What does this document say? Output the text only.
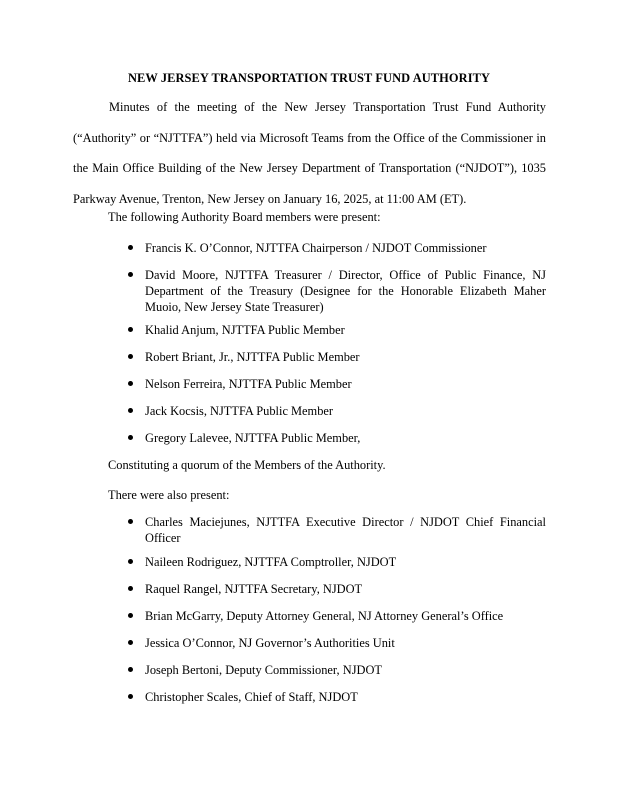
NEW JERSEY TRANSPORTATION TRUST FUND AUTHORITY
Minutes of the meeting of the New Jersey Transportation Trust Fund Authority (“Authority” or “NJTTFA”) held via Microsoft Teams from the Office of the Commissioner in the Main Office Building of the New Jersey Department of Transportation (“NJDOT”), 1035 Parkway Avenue, Trenton, New Jersey on January 16, 2025, at 11:00 AM (ET).
The following Authority Board members were present:
Francis K. O’Connor, NJTTFA Chairperson / NJDOT Commissioner
David Moore, NJTTFA Treasurer / Director, Office of Public Finance, NJ Department of the Treasury (Designee for the Honorable Elizabeth Maher Muoio, New Jersey State Treasurer)
Khalid Anjum, NJTTFA Public Member
Robert Briant, Jr., NJTTFA Public Member
Nelson Ferreira, NJTTFA Public Member
Jack Kocsis, NJTTFA Public Member
Gregory Lalevee, NJTTFA Public Member,
Constituting a quorum of the Members of the Authority.
There were also present:
Charles Maciejunes, NJTTFA Executive Director / NJDOT Chief Financial Officer
Naileen Rodriguez, NJTTFA Comptroller, NJDOT
Raquel Rangel, NJTTFA Secretary, NJDOT
Brian McGarry, Deputy Attorney General, NJ Attorney General’s Office
Jessica O’Connor, NJ Governor’s Authorities Unit
Joseph Bertoni, Deputy Commissioner, NJDOT
Christopher Scales, Chief of Staff, NJDOT
